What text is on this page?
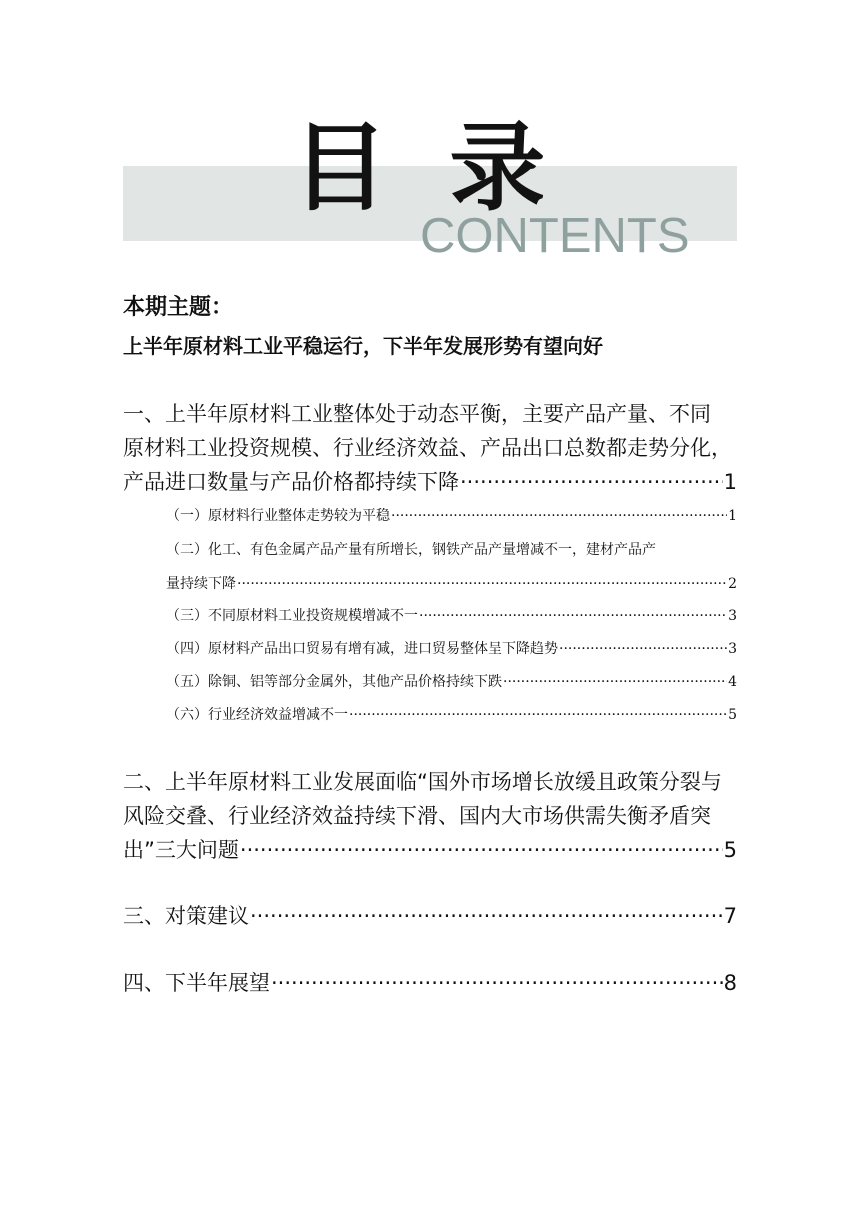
目 录
CONTENTS
本期主题：
上半年原材料工业平稳运行，下半年发展形势有望向好
一、上半年原材料工业整体处于动态平衡，主要产品产量、不同
原材料工业投资规模、行业经济效益、产品出口总数都走势分化，
产品进口数量与产品价格都持续下降 ·····	1
（一）原材料行业整体走势较为平稳 ·····	1
（二）化工、有色金属产品产量有所增长，钢铁产品产量增减不一，建材产品产
量持续下降 ·····	2
（三）不同原材料工业投资规模增减不一 ·····	3
（四）原材料产品出口贸易有增有减，进口贸易整体呈下降趋势 ·····	3
（五）除铜、铝等部分金属外，其他产品价格持续下跌 ·····	4
（六）行业经济效益增减不一 ·····	5
二、上半年原材料工业发展面临“国外市场增长放缓且政策分裂与
风险交叠、行业经济效益持续下滑、国内大市场供需失衡矛盾突
出”三大问题 ·····	5
三、对策建议 ·····	7
四、下半年展望 ·····	8
